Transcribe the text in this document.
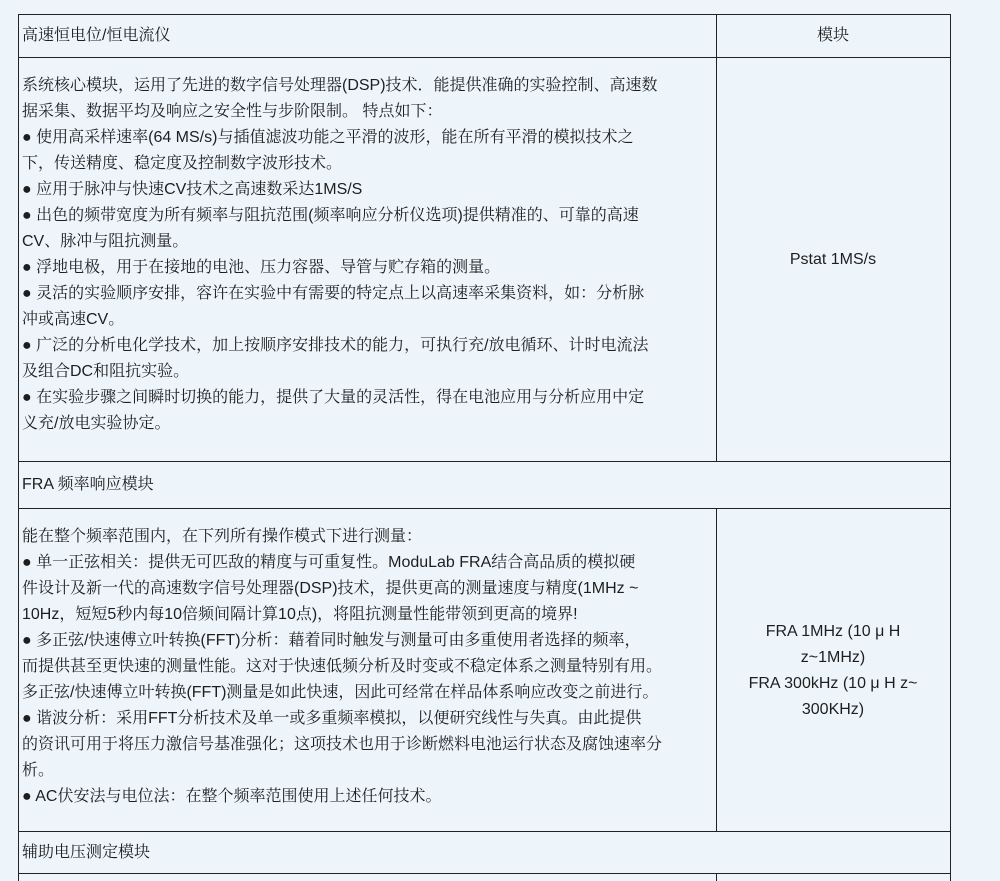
高速恒电位/恒电流仪	模块
系统核心模块，运用了先进的数字信号处理器(DSP)技术．能提供准确的实验控制、高速数
据采集、数据平均及响应之安全性与步阶限制。 特点如下：
● 使用高采样速率(64 MS/s)与插值滤波功能之平滑的波形，能在所有平滑的模拟技术之
下，传送精度、稳定度及控制数字波形技术。
● 应用于脉冲与快速CV技术之高速数采达1MS/S
● 出色的频带宽度为所有频率与阻抗范围(频率响应分析仪选项)提供精准的、可靠的高速
CV、脉冲与阻抗测量。
● 浮地电极，用于在接地的电池、压力容器、导管与贮存箱的测量。
● 灵活的实验顺序安排，容许在实验中有需要的特定点上以高速率采集资料，如：分析脉
冲或高速CV。
● 广泛的分析电化学技术，加上按顺序安排技术的能力，可执行充/放电循环、计时电流法
及组合DC和阻抗实验。
● 在实验步骤之间瞬时切换的能力，提供了大量的灵活性，得在电池应用与分析应用中定
义充/放电实验协定。
Pstat 1MS/s
FRA 频率响应模块
能在整个频率范围内，在下列所有操作模式下进行测量：
● 单一正弦相关：提供无可匹敌的精度与可重复性。ModuLab FRA结合高品质的模拟硬
件设计及新一代的高速数字信号处理器(DSP)技术，提供更高的测量速度与精度(1MHz ~
10Hz，短短5秒内每10倍频间隔计算10点)，将阻抗测量性能带领到更高的境界!
● 多正弦/快速傅立叶转换(FFT)分析：藉着同时触发与测量可由多重使用者选择的频率，
而提供甚至更快速的测量性能。这对于快速低频分析及时变或不稳定体系之测量特别有用。
多正弦/快速傅立叶转换(FFT)测量是如此快速，因此可经常在样品体系响应改变之前进行。
● 谐波分析：采用FFT分析技术及单一或多重频率模拟，以便研究线性与失真。由此提供
的资讯可用于将压力激信号基准强化；这项技术也用于诊断燃料电池运行状态及腐蚀速率分
析。
● AC伏安法与电位法：在整个频率范围使用上述任何技术。
FRA 1MHz (10 μ H
z~1MHz)
FRA 300kHz (10 μ H z~
300KHz)
辅助电压测定模块
